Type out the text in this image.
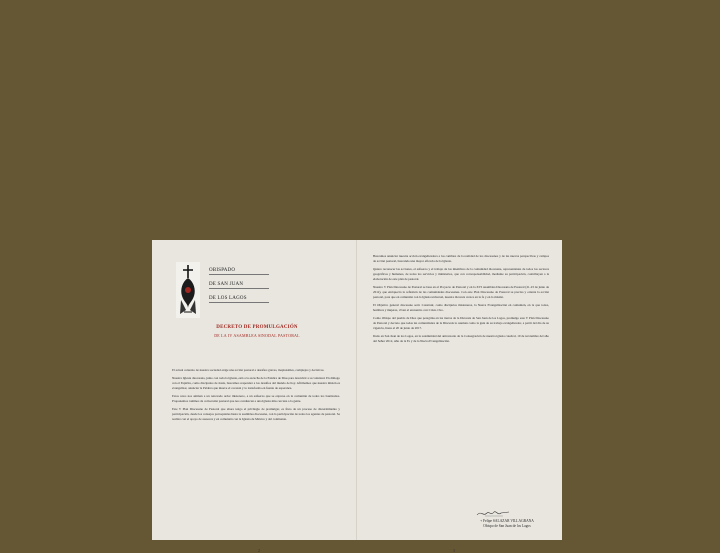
OBISPADO
DE SAN JUAN
DE LOS LAGOS
DECRETO DE PROMULGACIÓN
DE LA IV ASAMBLEA SINODAL PASTORAL

El actual contexto de nuestra sociedad exige una acción pastoral a desafíos graves, inaplazables, complejos y decisivos.

Nuestra Iglesia diocesana, junto con toda la Iglesia, está a la escucha de la Palabra de Dios para descubrir a su voluntad. En diálogo con el Espíritu, como discípulos de Jesús, buscamos responder a los desafíos del mundo de hoy. Afirmamos que nuestra misión es evangelizar, anunciar la Palabra que mueve el corazón y lo transforma en fuente de esperanza.

Estos retos nos animan a un renovado ardor misionero, a un esfuerzo que se expresa en la comunión de todos los bautizados. Proponemos caminos de conversión pastoral que nos conduzcan a una Iglesia más cercana a la gente.

Este V Plan Diocesano de Pastoral que ahora tengo el privilegio de promulgar, es fruto de un proceso de discernimiento y participación, desde los consejos parroquiales hasta la asamblea diocesana, con la participación de todos los agentes de pastoral. Se realizó con el apoyo de asesores y en comunión con la Iglesia de México y del continente.

2

Buscamos anunciar nuestra acción evangelizadora a los cambios de la realidad de los diocesanos y de las nuevas perspectivas y campos de acción pastoral, buscando una mayor eficacia de la Iglesia.

Quiero reconocer las acciones, el esfuerzo y el trabajo de los miembros de la comunidad diocesana, representantes de todos los sectores geográficos y humanos, de todos los servicios y ministerios, que con corresponsabilidad, mediante su participación, contribuyen a la elaboración de este plan de pastoral.

Nuestro V Plan Diocesano de Pastoral se basa en el Proyecto de Pastoral y en la XVI Asamblea Diocesana de Pastoral (21-23 de junio de 2012), que enriqueció la reflexión de las comunidades diocesanas. Con este Plan Diocesano de Pastoral se precisa y orienta la acción pastoral, para que en comunión con la Iglesia universal, nuestra diócesis crezca en la fe y en la misión.

El Objetivo general diocesano será: Construir, como discípulos misioneros, la Nueva Evangelización en comunión, en la que todos, hombres y mujeres, vivan el encuentro con Cristo vivo.

Como Obispo del pueblo de Dios que peregrina en las tierras de la Diócesis de San Juan de los Lagos, promulgo este V Plan Diocesano de Pastoral y decreto que todas las comunidades de la Diócesis lo asuman como la guía de su trabajo evangelizador, a partir del día de su vigencia, hasta el 20 de junio de 2017.

Dado en San Juan de los Lagos, en la solemnidad del aniversario de la Consagración de nuestra iglesia catedral, 19 de noviembre del año del Señor 2012, Año de la Fe y de la Nueva Evangelización.

+ Felipe SALAZAR VILLAGRANA
Obispo de San Juan de los Lagos
3
